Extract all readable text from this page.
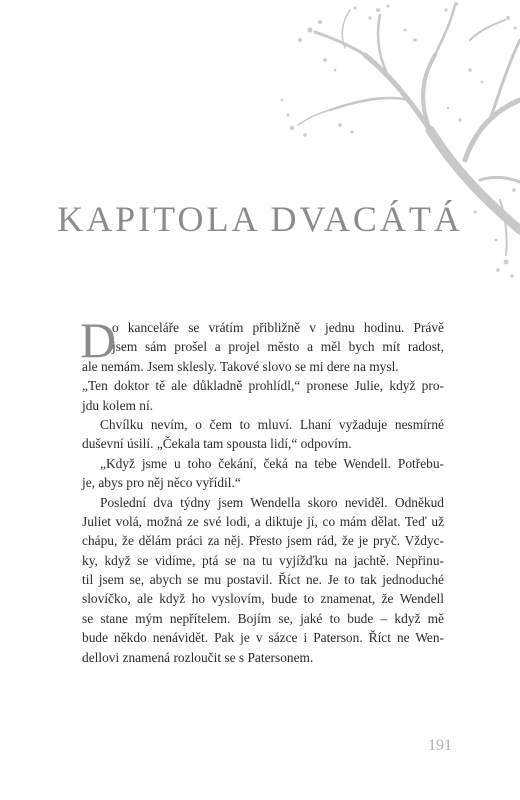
KAPITOLA DVACÁTÁ
D
o kanceláře se vrátím přibližně v jednu hodinu. Právě
jsem sám prošel a projel město a měl bych mít radost,
ale nemám. Jsem sklesly. Takové slovo se mi dere na mysl.
„Ten doktor tě ale důkladně prohlídl,“ pronese Julie, když pro-
jdu kolem ní.
Chvílku nevím, o čem to mluví. Lhaní vyžaduje nesmírné
duševní úsilí. „Čekala tam spousta lidí,“ odpovím.
„Když jsme u toho čekání, čeká na tebe Wendell. Potřebu-
je, abys pro něj něco vyřídil.“
Poslední dva týdny jsem Wendella skoro neviděl. Odněkud
Juliet volá, možná ze své lodi, a diktuje jí, co mám dělat. Teď už
chápu, že dělám práci za něj. Přesto jsem rád, že je pryč. Vždyc-
ky, když se vidíme, ptá se na tu vyjížďku na jachtě. Nepřinu-
til jsem se, abych se mu postavil. Říct ne. Je to tak jednoduché
slovíčko, ale když ho vyslovím, bude to znamenat, že Wendell
se stane mým nepřítelem. Bojím se, jaké to bude – když mě
bude někdo nenávidět. Pak je v sázce i Paterson. Říct ne Wen-
dellovi znamená rozloučit se s Patersonem.
191
